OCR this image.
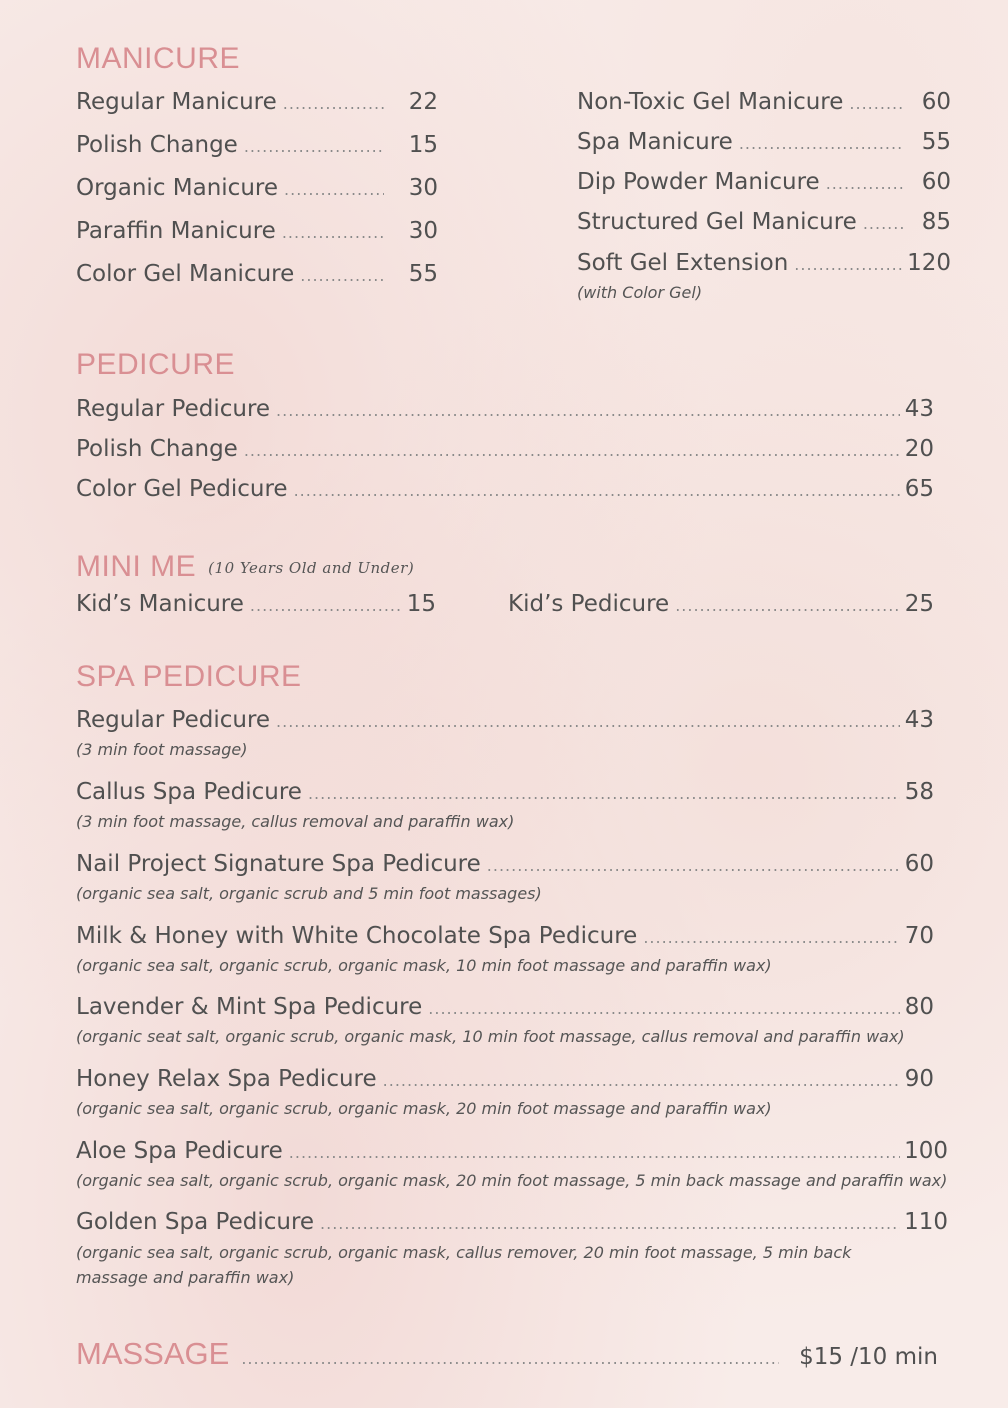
MANICURE
Regular Manicure .....	22
Polish Change .....	15
Organic Manicure .....	30
Paraffin Manicure .....	30
Color Gel Manicure .....	55
Non-Toxic Gel Manicure .....	60
Spa Manicure .....	55
Dip Powder Manicure .....	60
Structured Gel Manicure .....	85
Soft Gel Extension .....	120

(with Color Gel)

PEDICURE
Regular Pedicure .....	43
Polish Change .....	20
Color Gel Pedicure .....	65
MINI ME (10 Years Old and Under)
Kid’s Manicure .....	15	Kid’s Pedicure .....	25
SPA PEDICURE
Regular Pedicure .....	43

(3 min foot massage)

Callus Spa Pedicure .....	58

(3 min foot massage, callus removal and paraffin wax)

Nail Project Signature Spa Pedicure .....	60

(organic sea salt, organic scrub and 5 min foot massages)

Milk & Honey with White Chocolate Spa Pedicure .....	70

(organic sea salt, organic scrub, organic mask, 10 min foot massage and paraffin wax)

Lavender & Mint Spa Pedicure .....	80

(organic seat salt, organic scrub, organic mask, 10 min foot massage, callus removal and paraffin wax)

Honey Relax Spa Pedicure .....	90

(organic sea salt, organic scrub, organic mask, 20 min foot massage and paraffin wax)

Aloe Spa Pedicure .....	100

(organic sea salt, organic scrub, organic mask, 20 min foot massage, 5 min back massage and paraffin wax)

Golden Spa Pedicure .....	110

(organic sea salt, organic scrub, organic mask, callus remover, 20 min foot massage, 5 min back massage and paraffin wax)

MASSAGE .....	$15 /10 min
